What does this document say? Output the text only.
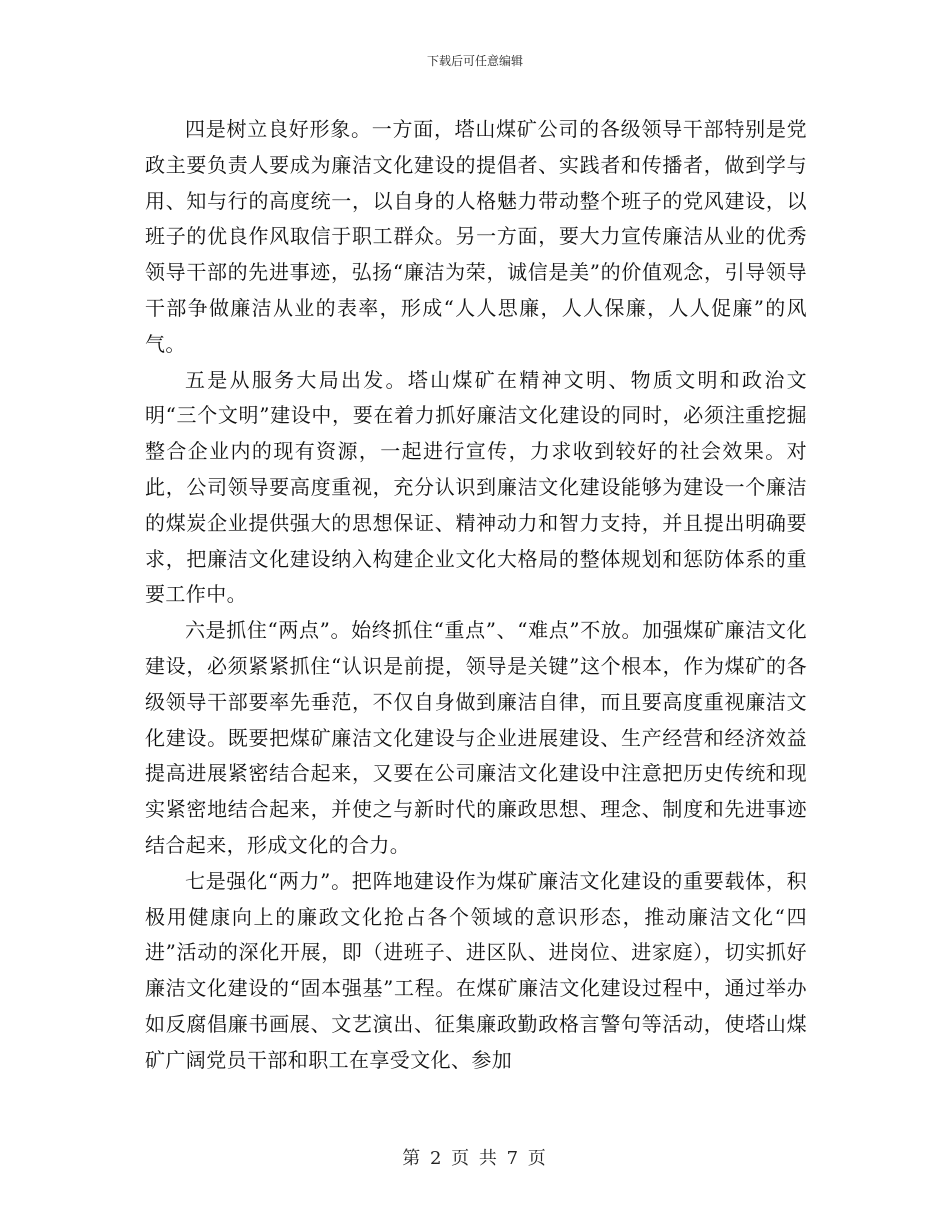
下载后可任意编辑

四是树立良好形象。一方面，塔山煤矿公司的各级领导干部特别是党政主要负责人要成为廉洁文化建设的提倡者、实践者和传播者，做到学与用、知与行的高度统一，以自身的人格魅力带动整个班子的党风建设，以班子的优良作风取信于职工群众。另一方面，要大力宣传廉洁从业的优秀领导干部的先进事迹，弘扬“廉洁为荣，诚信是美”的价值观念，引导领导干部争做廉洁从业的表率，形成“人人思廉，人人保廉，人人促廉”的风气。

五是从服务大局出发。塔山煤矿在精神文明、物质文明和政治文明“三个文明”建设中，要在着力抓好廉洁文化建设的同时，必须注重挖掘整合企业内的现有资源，一起进行宣传，力求收到较好的社会效果。对此，公司领导要高度重视，充分认识到廉洁文化建设能够为建设一个廉洁的煤炭企业提供强大的思想保证、精神动力和智力支持，并且提出明确要求，把廉洁文化建设纳入构建企业文化大格局的整体规划和惩防体系的重要工作中。

六是抓住“两点”。始终抓住“重点”、“难点”不放。加强煤矿廉洁文化建设，必须紧紧抓住“认识是前提，领导是关键”这个根本，作为煤矿的各级领导干部要率先垂范，不仅自身做到廉洁自律，而且要高度重视廉洁文化建设。既要把煤矿廉洁文化建设与企业进展建设、生产经营和经济效益提高进展紧密结合起来，又要在公司廉洁文化建设中注意把历史传统和现实紧密地结合起来，并使之与新时代的廉政思想、理念、制度和先进事迹结合起来，形成文化的合力。

七是强化“两力”。把阵地建设作为煤矿廉洁文化建设的重要载体，积极用健康向上的廉政文化抢占各个领域的意识形态，推动廉洁文化“四进”活动的深化开展，即（进班子、进区队、进岗位、进家庭），切实抓好廉洁文化建设的“固本强基”工程。在煤矿廉洁文化建设过程中，通过举办如反腐倡廉书画展、文艺演出、征集廉政勤政格言警句等活动，使塔山煤矿广阔党员干部和职工在享受文化、参加

第 2 页 共 7 页
